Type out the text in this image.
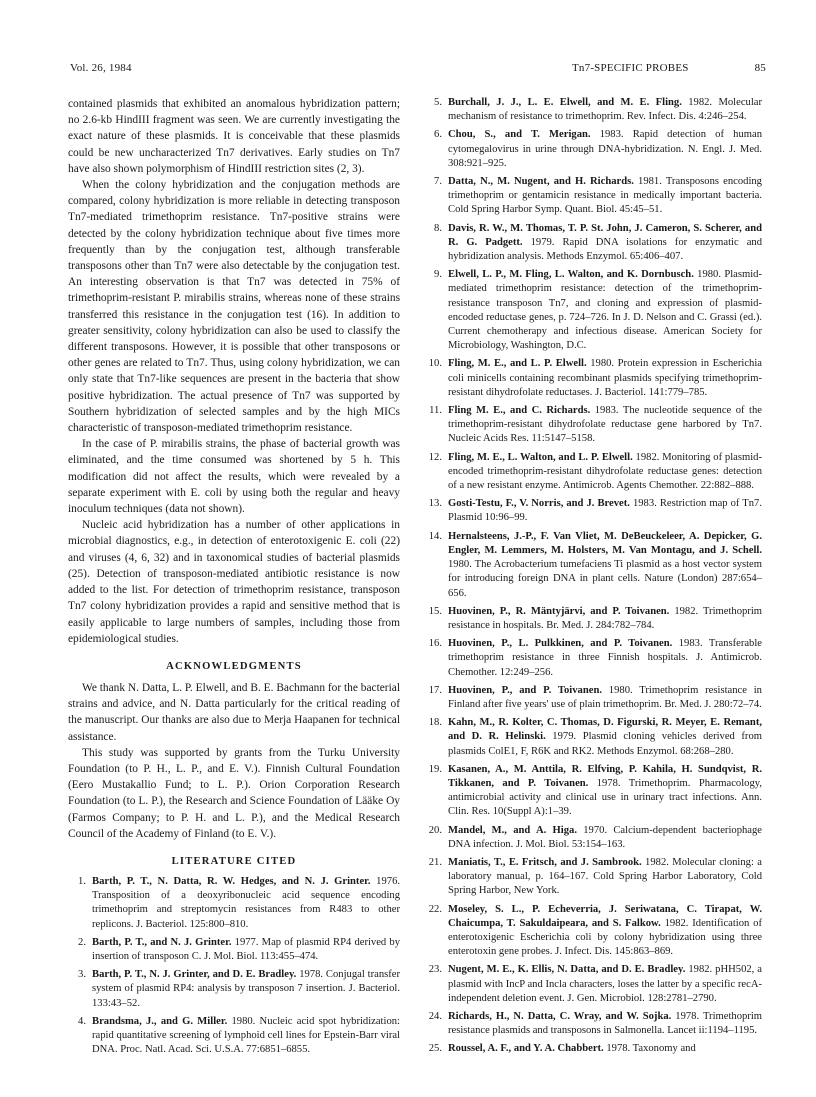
Vol. 26, 1984	Tn7-SPECIFIC PROBES	85

contained plasmids that exhibited an anomalous hybridization pattern; no 2.6-kb HindIII fragment was seen. We are currently investigating the exact nature of these plasmids. It is conceivable that these plasmids could be new uncharacterized Tn7 derivatives. Early studies on Tn7 have also shown polymorphism of HindIII restriction sites (2, 3).

When the colony hybridization and the conjugation methods are compared, colony hybridization is more reliable in detecting transposon Tn7-mediated trimethoprim resistance. Tn7-positive strains were detected by the colony hybridization technique about five times more frequently than by the conjugation test, although transferable transposons other than Tn7 were also detectable by the conjugation test. An interesting observation is that Tn7 was detected in 75% of trimethoprim-resistant P. mirabilis strains, whereas none of these strains transferred this resistance in the conjugation test (16). In addition to greater sensitivity, colony hybridization can also be used to classify the different transposons. However, it is possible that other transposons or other genes are related to Tn7. Thus, using colony hybridization, we can only state that Tn7-like sequences are present in the bacteria that show positive hybridization. The actual presence of Tn7 was supported by Southern hybridization of selected samples and by the high MICs characteristic of transposon-mediated trimethoprim resistance.

In the case of P. mirabilis strains, the phase of bacterial growth was eliminated, and the time consumed was shortened by 5 h. This modification did not affect the results, which were revealed by a separate experiment with E. coli by using both the regular and heavy inoculum techniques (data not shown).

Nucleic acid hybridization has a number of other applications in microbial diagnostics, e.g., in detection of enterotoxigenic E. coli (22) and viruses (4, 6, 32) and in taxonomical studies of bacterial plasmids (25). Detection of transposon-mediated antibiotic resistance is now added to the list. For detection of trimethoprim resistance, transposon Tn7 colony hybridization provides a rapid and sensitive method that is easily applicable to large numbers of samples, including those from epidemiological studies.

ACKNOWLEDGMENTS

We thank N. Datta, L. P. Elwell, and B. E. Bachmann for the bacterial strains and advice, and N. Datta particularly for the critical reading of the manuscript. Our thanks are also due to Merja Haapanen for technical assistance.

This study was supported by grants from the Turku University Foundation (to P. H., L. P., and E. V.). Finnish Cultural Foundation (Eero Mustakallio Fund; to L. P.). Orion Corporation Research Foundation (to L. P.), the Research and Science Foundation of Lääke Oy (Farmos Company; to P. H. and L. P.), and the Medical Research Council of the Academy of Finland (to E. V.).

LITERATURE CITED
1. Barth, P. T., N. Datta, R. W. Hedges, and N. J. Grinter. 1976. Transposition of a deoxyribonucleic acid sequence encoding trimethoprim and streptomycin resistances from R483 to other replicons. J. Bacteriol. 125:800–810.
2. Barth, P. T., and N. J. Grinter. 1977. Map of plasmid RP4 derived by insertion of transposon C. J. Mol. Biol. 113:455–474.
3. Barth, P. T., N. J. Grinter, and D. E. Bradley. 1978. Conjugal transfer system of plasmid RP4: analysis by transposon 7 insertion. J. Bacteriol. 133:43–52.
4. Brandsma, J., and G. Miller. 1980. Nucleic acid spot hybridization: rapid quantitative screening of lymphoid cell lines for Epstein-Barr viral DNA. Proc. Natl. Acad. Sci. U.S.A. 77:6851–6855.
5. Burchall, J. J., L. E. Elwell, and M. E. Fling. 1982. Molecular mechanism of resistance to trimethoprim. Rev. Infect. Dis. 4:246–254.
6. Chou, S., and T. Merigan. 1983. Rapid detection of human cytomegalovirus in urine through DNA-hybridization. N. Engl. J. Med. 308:921–925.
7. Datta, N., M. Nugent, and H. Richards. 1981. Transposons encoding trimethoprim or gentamicin resistance in medically important bacteria. Cold Spring Harbor Symp. Quant. Biol. 45:45–51.
8. Davis, R. W., M. Thomas, T. P. St. John, J. Cameron, S. Scherer, and R. G. Padgett. 1979. Rapid DNA isolations for enzymatic and hybridization analysis. Methods Enzymol. 65:406–407.
9. Elwell, L. P., M. Fling, L. Walton, and K. Dornbusch. 1980. Plasmid-mediated trimethoprim resistance: detection of the trimethoprim-resistance transposon Tn7, and cloning and expression of plasmid-encoded reductase genes, p. 724–726. In J. D. Nelson and C. Grassi (ed.). Current chemotherapy and infectious disease. American Society for Microbiology, Washington, D.C.
10. Fling, M. E., and L. P. Elwell. 1980. Protein expression in Escherichia coli minicells containing recombinant plasmids specifying trimethoprim-resistant dihydrofolate reductases. J. Bacteriol. 141:779–785.
11. Fling M. E., and C. Richards. 1983. The nucleotide sequence of the trimethoprim-resistant dihydrofolate reductase gene harbored by Tn7. Nucleic Acids Res. 11:5147–5158.
12. Fling, M. E., L. Walton, and L. P. Elwell. 1982. Monitoring of plasmid-encoded trimethoprim-resistant dihydrofolate reductase genes: detection of a new resistant enzyme. Antimicrob. Agents Chemother. 22:882–888.
13. Gosti-Testu, F., V. Norris, and J. Brevet. 1983. Restriction map of Tn7. Plasmid 10:96–99.
14. Hernalsteens, J.-P., F. Van Vliet, M. DeBeuckeleer, A. Depicker, G. Engler, M. Lemmers, M. Holsters, M. Van Montagu, and J. Schell. 1980. The Acrobacterium tumefaciens Ti plasmid as a host vector system for introducing foreign DNA in plant cells. Nature (London) 287:654–656.
15. Huovinen, P., R. Mäntyjärvi, and P. Toivanen. 1982. Trimethoprim resistance in hospitals. Br. Med. J. 284:782–784.
16. Huovinen, P., L. Pulkkinen, and P. Toivanen. 1983. Transferable trimethoprim resistance in three Finnish hospitals. J. Antimicrob. Chemother. 12:249–256.
17. Huovinen, P., and P. Toivanen. 1980. Trimethoprim resistance in Finland after five years' use of plain trimethoprim. Br. Med. J. 280:72–74.
18. Kahn, M., R. Kolter, C. Thomas, D. Figurski, R. Meyer, E. Remant, and D. R. Helinski. 1979. Plasmid cloning vehicles derived from plasmids ColE1, F, R6K and RK2. Methods Enzymol. 68:268–280.
19. Kasanen, A., M. Anttila, R. Elfving, P. Kahila, H. Sundqvist, R. Tikkanen, and P. Toivanen. 1978. Trimethoprim. Pharmacology, antimicrobial activity and clinical use in urinary tract infections. Ann. Clin. Res. 10(Suppl A):1–39.
20. Mandel, M., and A. Higa. 1970. Calcium-dependent bacteriophage DNA infection. J. Mol. Biol. 53:154–163.
21. Maniatis, T., E. Fritsch, and J. Sambrook. 1982. Molecular cloning: a laboratory manual, p. 164–167. Cold Spring Harbor Laboratory, Cold Spring Harbor, New York.
22. Moseley, S. L., P. Echeverria, J. Seriwatana, C. Tirapat, W. Chaicumpa, T. Sakuldaipeara, and S. Falkow. 1982. Identification of enterotoxigenic Escherichia coli by colony hybridization using three enterotoxin gene probes. J. Infect. Dis. 145:863–869.
23. Nugent, M. E., K. Ellis, N. Datta, and D. E. Bradley. 1982. pHH502, a plasmid with IncP and Incla characters, loses the latter by a specific recA-independent deletion event. J. Gen. Microbiol. 128:2781–2790.
24. Richards, H., N. Datta, C. Wray, and W. Sojka. 1978. Trimethoprim resistance plasmids and transposons in Salmonella. Lancet ii:1194–1195.
25. Roussel, A. F., and Y. A. Chabbert. 1978. Taxonomy and
